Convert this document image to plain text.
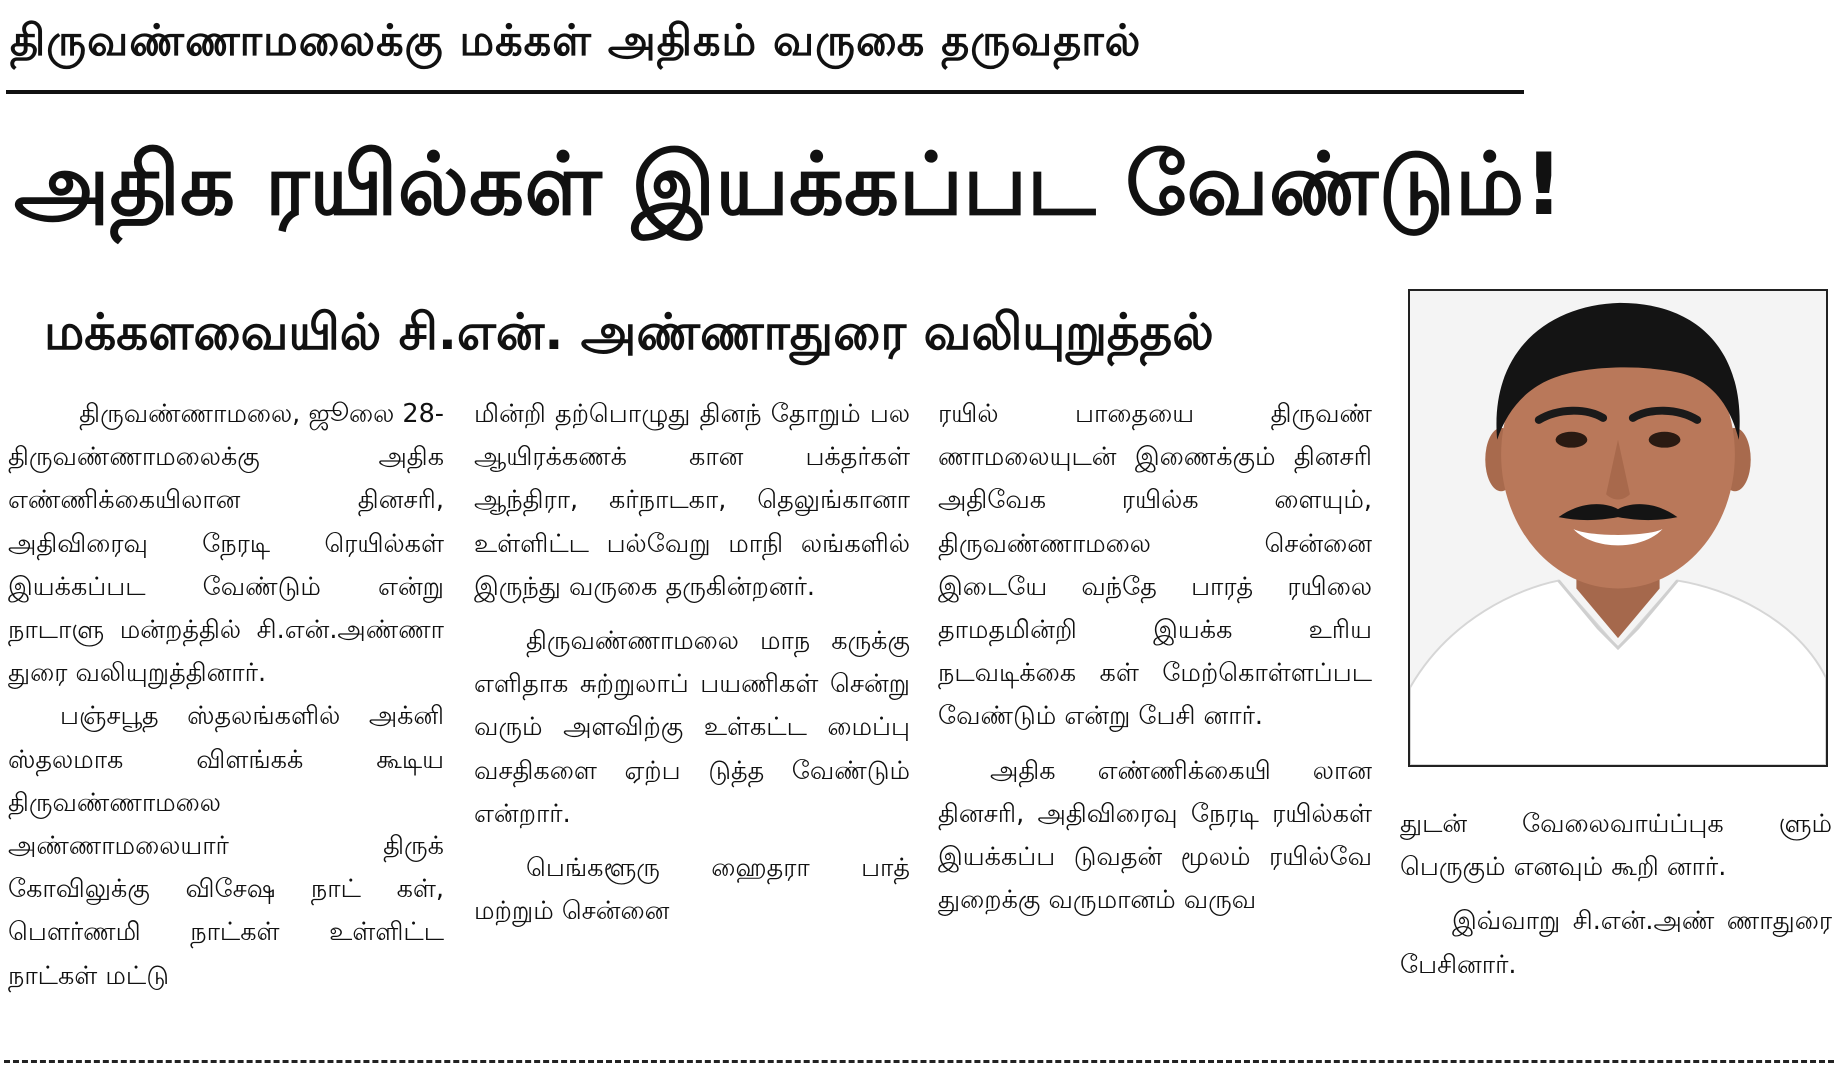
திருவண்ணாமலைக்கு மக்கள் அதிகம் வருகை தருவதால்
அதிக ரயில்கள் இயக்கப்பட வேண்டும்!
மக்களவையில் சி.என். அண்ணாதுரை வலியுறுத்தல்

திருவண்ணாமலை, ஜூலை 28-

திருவண்ணாமலைக்கு அதிக எண்ணிக்கையிலான தினசரி, அதிவிரைவு நேரடி ரெயில்கள் இயக்கப்பட வேண்டும் என்று நாடாளு மன்றத்தில் சி.என்.அண்ணா துரை வலியுறுத்தினார்.

பஞ்சபூத ஸ்தலங்களில் அக்னி ஸ்தலமாக விளங்கக் கூடிய திருவண்ணாமலை அண்ணாமலையார் திருக் கோவிலுக்கு விசேஷ நாட் கள், பௌர்ணமி நாட்கள் உள்ளிட்ட நாட்கள் மட்டு

மின்றி தற்பொழுது தினந் தோறும் பல ஆயிரக்கணக் கான பக்தர்கள் ஆந்திரா, கர்நாடகா, தெலுங்கானா உள்ளிட்ட பல்வேறு மாநி லங்களில் இருந்து வருகை தருகின்றனர்.

திருவண்ணாமலை மாந கருக்கு எளிதாக சுற்றுலாப் பயணிகள் சென்று வரும் அளவிற்கு உள்கட்ட மைப்பு வசதிகளை ஏற்ப டுத்த வேண்டும் என்றார்.

பெங்களூரு ஹைதரா பாத் மற்றும் சென்னை

ரயில் பாதையை திருவண் ணாமலையுடன் இணைக்கும் தினசரி அதிவேக ரயில்க ளையும், திருவண்ணாமலை சென்னை இடையே வந்தே பாரத் ரயிலை தாமதமின்றி இயக்க உரிய நடவடிக்கை கள் மேற்கொள்ளப்பட வேண்டும் என்று பேசி னார்.

அதிக எண்ணிக்கையி லான தினசரி, அதிவிரைவு நேரடி ரயில்கள் இயக்கப்ப டுவதன் மூலம் ரயில்வே துறைக்கு வருமானம் வருவ

துடன் வேலைவாய்ப்புக ளும் பெருகும் எனவும் கூறி னார்.

இவ்வாறு சி.என்.அண் ணாதுரை பேசினார்.
